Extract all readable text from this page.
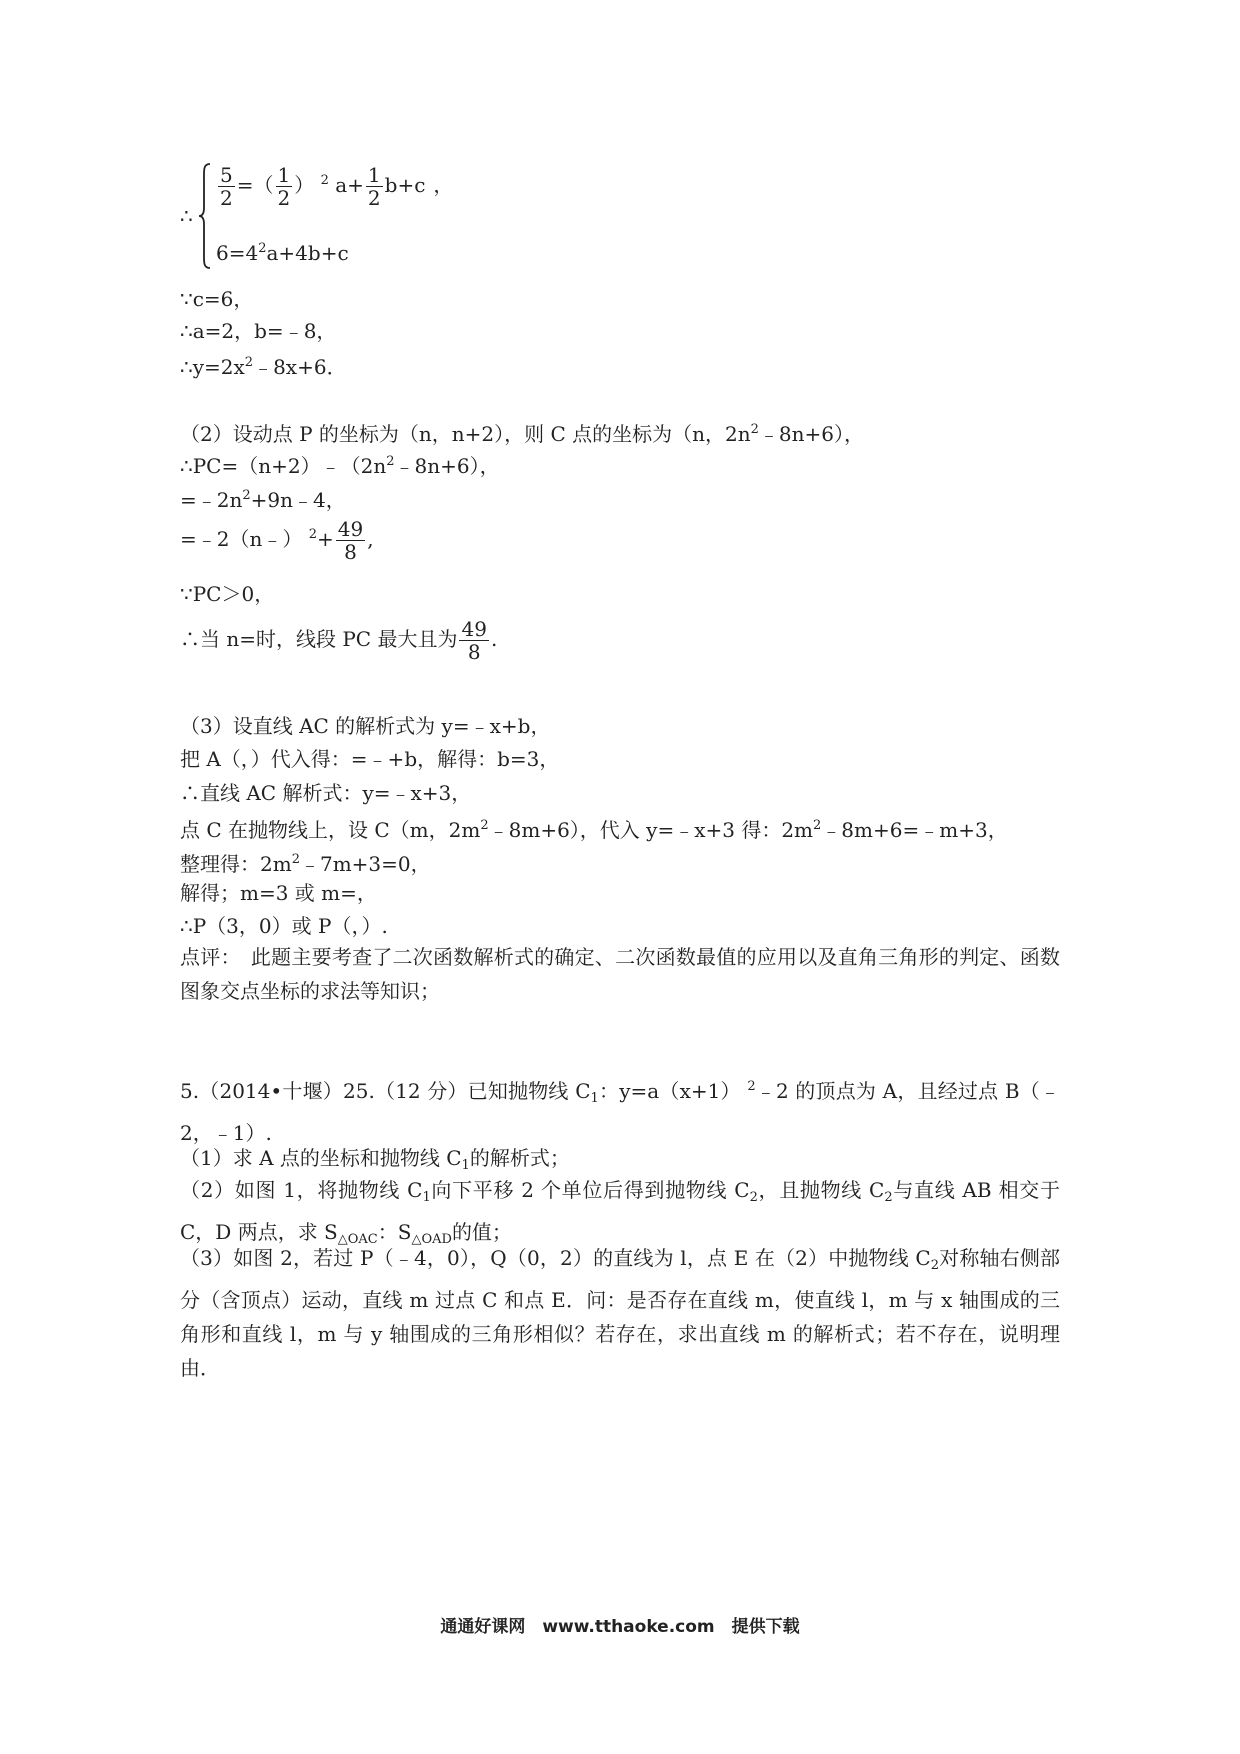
∴
$\frac{5}{2}$ =（ $\frac{1}{2}$ ） $^2$ $a+ \frac{1}{2} b+c$ ，
$6=4^2a+4b+c$
∵c=6，
∴a=2，b=﹣8，
$\therefore y=2x^2﹣8x+6$．
（2）设动点 P 的坐标为（n，n+2），则 C 点的坐标为（n，$2n^2﹣8n+6$），
$\therefore PC=(n+2)﹣(2n^2﹣8n+6)$，
$=﹣2n^2+9n﹣4$，
=﹣2（n﹣） $^2+ \frac{49}{8}$ ,
∵PC＞0，
∴当 n=时，线段 PC 最大且为 $\frac{49}{8}$ .
（3）设直线 AC 的解析式为 y=﹣x+b，
把 A（，）代入得：=﹣+b，解得：b=3，
∴直线 AC 解析式：y=﹣x+3，
点 C 在抛物线上，设 C（m，$2m^2﹣8m+6$），代入 y=﹣x+3 得：$2m^2﹣8m+6=﹣m+3$，
整理得：$2m^2﹣7m+3=0$，
解得；m=3 或 m=，
∴P（3，0）或 P（，）.
点评：　此题主要考查了二次函数解析式的确定、二次函数最值的应用以及直角三角形的判定、函数图象交点坐标的求法等知识；
5.（2014•十堰）25.（12 分）已知抛物线 $C_1$：y=a（x+1） $^2$﹣2 的顶点为 A，且经过点 B（﹣2，﹣1）.
（1）求 A 点的坐标和抛物线 $C_1$的解析式；
（2）如图 1，将抛物线 $C_1$向下平移 2 个单位后得到抛物线 $C_2$，且抛物线 $C_2$与直线 AB 相交于 C，D 两点，求 $S_{\triangle OAC}$：$S_{\triangle OAD}$的值；
（3）如图 2，若过 P（﹣4，0），Q（0，2）的直线为 l，点 E 在（2）中抛物线 $C_2$对称轴右侧部分（含顶点）运动，直线 m 过点 C 和点 E．问：是否存在直线 m，使直线 l，m 与 x 轴围成的三角形和直线 l，m 与 y 轴围成的三角形相似？若存在，求出直线 m 的解析式；若不存在，说明理由．
通通好课网　www.tthaoke.com　提供下载
